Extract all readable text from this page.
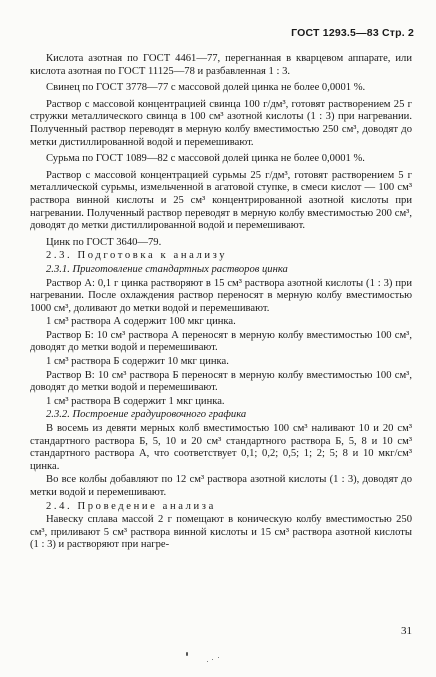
ГОСТ 1293.5—83 Стр. 2

Кислота азотная по ГОСТ 4461—77, перегнанная в кварцевом аппарате, или кислота азотная по ГОСТ 11125—78 и разбавленная 1 : 3.

Свинец по ГОСТ 3778—77 с массовой долей цинка не более 0,0001 %.

Раствор с массовой концентрацией свинца 100 г/дм³, готовят растворением 25 г стружки металлического свинца в 100 см³ азотной кислоты (1 : 3) при нагревании. Полученный раствор переводят в мерную колбу вместимостью 250 см³, доводят до метки дистиллированной водой и перемешивают.

Сурьма по ГОСТ 1089—82 с массовой долей цинка не более 0,0001 %.

Раствор с массовой концентрацией сурьмы 25 г/дм³, готовят растворением 5 г металлической сурьмы, измельченной в агатовой ступке, в смеси кислот — 100 см³ раствора винной кислоты и 25 см³ концентрированной азотной кислоты при нагревании. Полученный раствор переводят в мерную колбу вместимостью 200 см³, доводят до метки дистиллированной водой и перемешивают.

Цинк по ГОСТ 3640—79.

2.3. Подготовка к анализу

2.3.1. Приготовление стандартных растворов цинка

Раствор А: 0,1 г цинка растворяют в 15 см³ раствора азотной кислоты (1 : 3) при нагревании. После охлаждения раствор переносят в мерную колбу вместимостью 1000 см³, доливают до метки водой и перемешивают.

1 см³ раствора А содержит 100 мкг цинка.

Раствор Б: 10 см³ раствора А переносят в мерную колбу вместимостью 100 см³, доводят до метки водой и перемешивают.

1 см³ раствора Б содержит 10 мкг цинка.

Раствор В: 10 см³ раствора Б переносят в мерную колбу вместимостью 100 см³, доводят до метки водой и перемешивают.

1 см³ раствора В содержит 1 мкг цинка.

2.3.2. Построение градуировочного графика

В восемь из девяти мерных колб вместимостью 100 см³ наливают 10 и 20 см³ стандартного раствора Б, 5, 10 и 20 см³ стандартного раствора Б, 5, 8 и 10 см³ стандартного раствора А, что соответствует 0,1; 0,2; 0,5; 1; 2; 5; 8 и 10 мкг/см³ цинка.

Во все колбы добавляют по 12 см³ раствора азотной кислоты (1 : 3), доводят до метки водой и перемешивают.

2.4. Проведение анализа

Навеску сплава массой 2 г помещают в коническую колбу вместимостью 250 см³, приливают 5 см³ раствора винной кислоты и 15 см³ раствора азотной кислоты (1 : 3) и растворяют при нагре-

31
